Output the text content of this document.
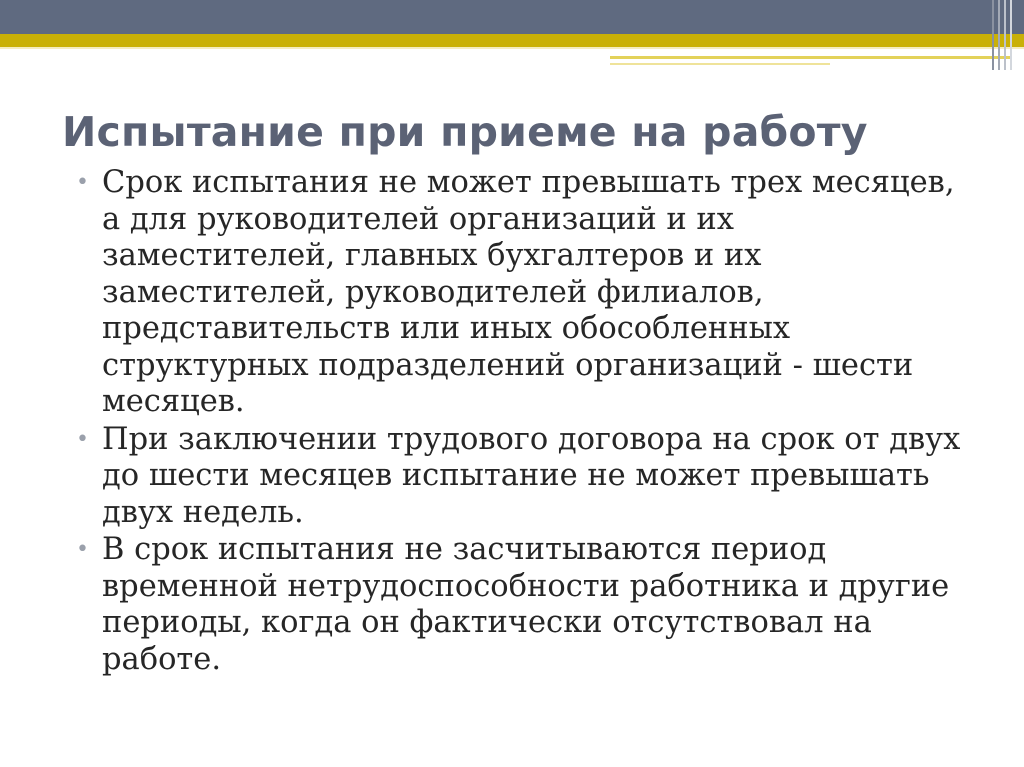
Испытание при приеме на работу
• Срок испытания не может превышать трех месяцев, а для руководителей организаций и их заместителей, главных бухгалтеров и их заместителей, руководителей филиалов, представительств или иных обособленных структурных подразделений организаций - шести месяцев.
• При заключении трудового договора на срок от двух до шести месяцев испытание не может превышать двух недель.
• В срок испытания не засчитываются период временной нетрудоспособности работника и другие периоды, когда он фактически отсутствовал на работе.
